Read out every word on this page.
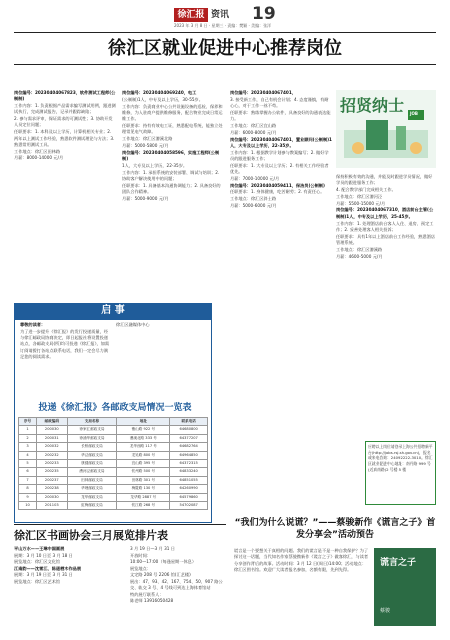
徐汇报 资讯 19
2023 年 3 月 8 日 · 星期三 · 责编：樊颖 · 美编：张洋
徐汇区就业促进中心推荐岗位

岗位编号：20230404067823，软件测试工程师(公制制)

工作内容：1. 负责根据产品需求编写测试用例，跟进测试执行，完成测试报告，记录并跟踪缺陷；

2. 参与需求评审，保证需求的可测试性；3. 协助开发人员定位问题；

任职要求：1. 本科及以上学历，计算机相关专业；2. 两年以上测试工作经验，熟悉软件测试理论与方法；3. 熟悉常用测试工具。

工作地点：徐汇区田林路

月薪：8000-14000 元/月

岗位编号：20230404069240，电工

(公制制)1人，中专及以上学历，30-55岁。

工作内容：负责商业中心公共设施设备的巡检、保养和维修，为入驻商户提供维修服务，配合物业完成日常运维工作。

任职要求：持有有效电工证，熟悉配电系统，能独立处理常见电气故障。

工作地点：徐汇区漕溪北路

月薪：5000-5800 元/月

岗位编号：20230404058596，实施工程师(公制制)

1人，大专及以上学历，22-35岁。

工作内容：1. 承担系统的安装部署、调试与培训；2. 协助客户解决使用中的问题；

任职要求：1. 具备基本沟通协调能力；2. 具备良好的团队合作精神。

月薪：5000-9000 元/月

岗位编号：20230404067401，

3. 接受新工作，自己有机会计划；4. 态度谨慎，有耐心心，对于工作一丝不苟。

任职要求：熟练掌握办公软件，具备良好的沟通表达能力。

工作地点：徐汇区宜山路

月薪：6000-8000 元/月

岗位编号：20230404067401，置业顾问(公制制)1人，大专及以上学历，22-35岁。

工作内容：1. 根据教学计划参与教案编写；2. 做好学员的跟进服务工作；

任职要求：1. 大专及以上学历；2. 有相关工作经验者优先。

月薪：7000-10000 元/月

岗位编号：20230404059411，保洁员(公制制)

任职要求：1. 身体健康，吃苦耐劳；2. 有责任心。

工作地点：徐汇区斜土路

月薪：5000-6000 元/月

招贤纳士 JOB

保持积极有效的沟通，并能及时跟进学员情况，做好学员的跟进服务工作；

4. 配合教学部门完成相关工作。

工作地点：徐汇区漕河泾

月薪：5500-15000 元/月

岗位编号：20230404067310，酒店前台主管(公制制)1人，中专及以上学历，25-45岁。

工作内容：1. 处理酒店前台客人入住、退房、预定工作；2. 妥善处理客人相关投诉；

任职要求：具有1年以上酒店前台工作经验，熟悉酒店管理系统。

工作地点：徐汇区漕溪路

月薪：4600-5000 元/月

应聘以上岗位请登录上海公共招聘新平台(http://jobs.rsj.sh.gov.cn)，报名或来电咨询：24092222-3010。徐汇区就业促进中心地址：南丹路 999 号(近真南路)2 号楼 5 楼
启 事

尊敬的读者：

为了进一步提升《徐汇报》的发行投递质量，经与徐汇邮政局协商决定，即日起报社将设置投递站点，各邮政支局(所)均可投递《徐汇报》，如需订阅请拨打各站点联系电话，我们一定会尽力满足您的阅读需求。

徐汇区融媒体中心

投递《徐汇报》各邮政支局情况一览表
序号	邮政编码	支局名称	地址	联系电话
1	200030	徐家汇邮政支局	衡山路 922 号	64680800
2	200031	徐浦华邮政支局	漕溪北路 333 号	64377207
3	200032	长桥邮政支局	龙华西路 117 号	64682764
4	200232	华泾邮政支局	龙吴路 800 号	64964850
5	200233	康健邮政支局	宜山路 395 号	64372315
6	200235	漕河泾邮政支局	钦州路 500 号	64833240
7	200237	田林邮政支局	田林路 301 号	64851055
8	200238	华理邮政支局	梅陇路 130 号	64260990
9	200030	龙华邮政支局	龙华路 2887 号	64579860
10	201103	虹梅邮政支局	钦江路 268 号	54702087
徐汇区书画协会三月展览排片表

平山万水——王琳中国画展

展期：3 月 10 日至 3 月 18 日

展览地点：徐汇区文化馆

江南韵——沈雪江、陈道栖木作品展

展期：3 月 19 日至 3 月 31 日

展览地点：徐汇区艺术馆

3 月 19 日—3 月 31 日

开放时间：

10:00—17:00（每逢星期一休息）

展览地点：

文定路 208 号 2206 馆(汇艺楼)

展出：47、93、42、167、754、50、907 路公交、轨交 3 号、4 号线可到达上海体育馆站

特约展厅联系人：

陈老师 13916050428

“我们为什么说谎？”——蔡骏新作《谎言之子》首发分享会”活动预告
谎言是一个要想关于真相的问题。我们的谎言是不是一种自我保护？为了探讨这一话题，当代知名作家蔡骏携新作《谎言之子》做客徐汇，与读者分享创作背后的故事。活动时间：3 月 12 日(周日)14:00；活动地点：徐汇区图书馆。欢迎广大读者报名参加，名额有限，先到先得。
谎言之子
蔡骏
